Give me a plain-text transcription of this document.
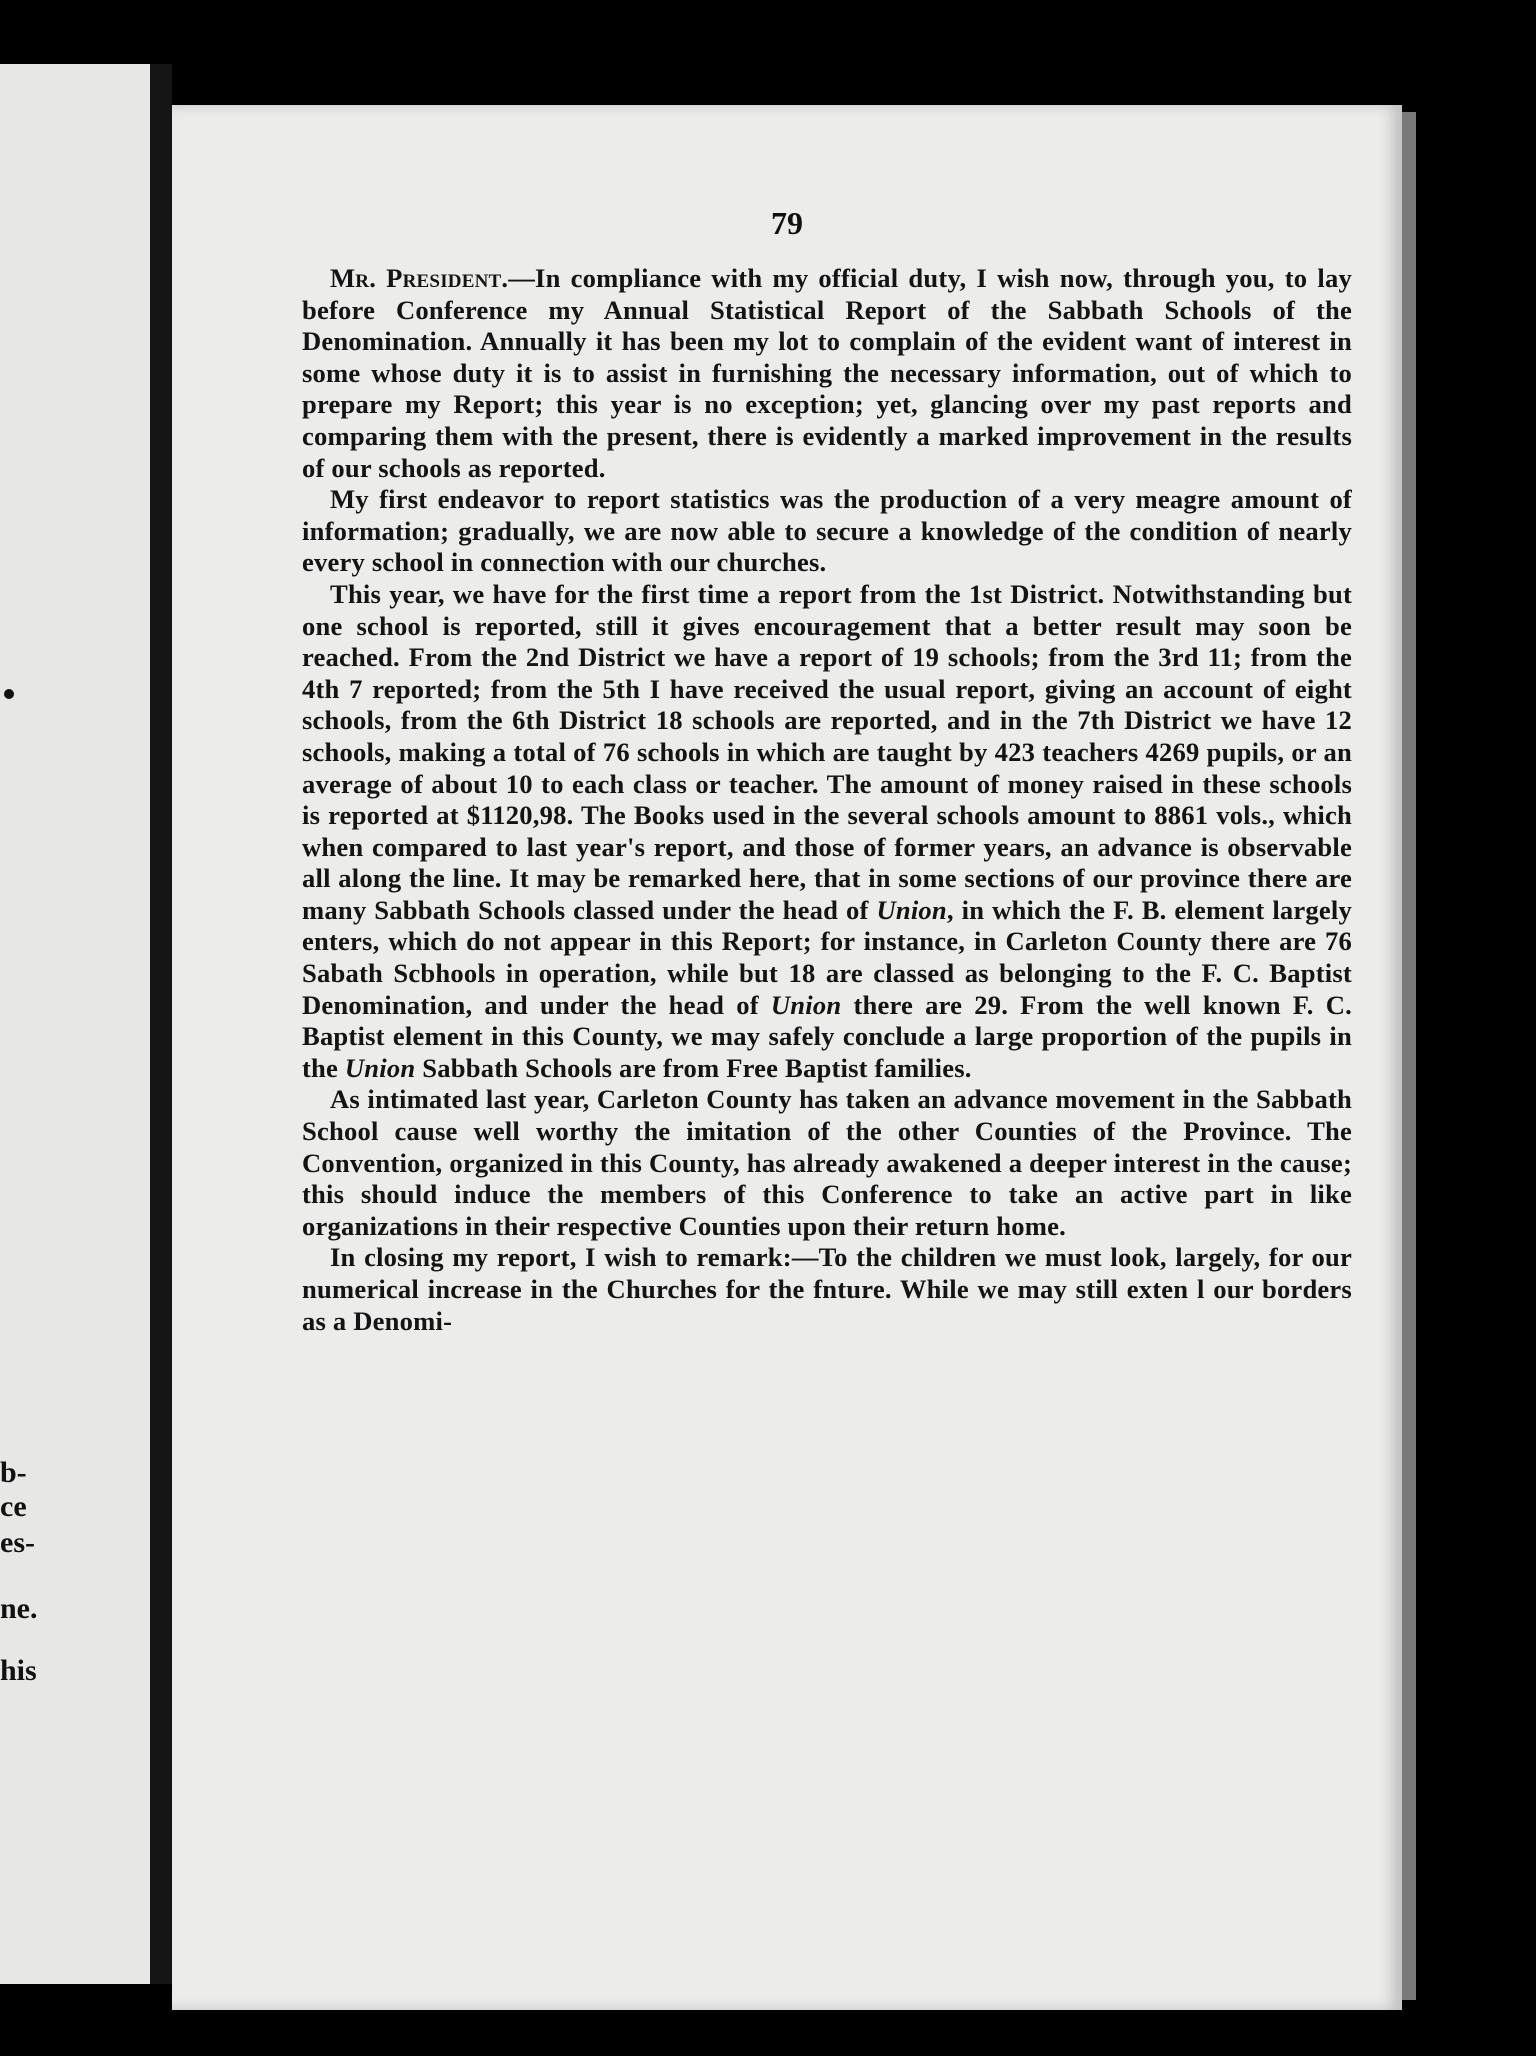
b-
ce
es-
ne.
his
79

Mr. President.—In compliance with my official duty, I wish now, through you, to lay before Conference my Annual Statistical Report of the Sabbath Schools of the Denomination. Annually it has been my lot to complain of the evident want of interest in some whose duty it is to assist in furnishing the necessary information, out of which to prepare my Report; this year is no exception; yet, glancing over my past reports and comparing them with the present, there is evidently a marked improvement in the results of our schools as reported.

My first endeavor to report statistics was the production of a very meagre amount of information; gradually, we are now able to secure a knowledge of the condition of nearly every school in connection with our churches.

This year, we have for the first time a report from the 1st District. Notwithstanding but one school is reported, still it gives encouragement that a better result may soon be reached. From the 2nd District we have a report of 19 schools; from the 3rd 11; from the 4th 7 reported; from the 5th I have received the usual report, giving an account of eight schools, from the 6th District 18 schools are reported, and in the 7th District we have 12 schools, making a total of 76 schools in which are taught by 423 teachers 4269 pupils, or an average of about 10 to each class or teacher. The amount of money raised in these schools is reported at $1120,98. The Books used in the several schools amount to 8861 vols., which when compared to last year's report, and those of former years, an advance is observable all along the line. It may be remarked here, that in some sections of our province there are many Sabbath Schools classed under the head of Union, in which the F. B. element largely enters, which do not appear in this Report; for instance, in Carleton County there are 76 Sabath Scbhools in operation, while but 18 are classed as belonging to the F. C. Baptist Denomination, and under the head of Union there are 29. From the well known F. C. Baptist element in this County, we may safely conclude a large proportion of the pupils in the Union Sabbath Schools are from Free Baptist families.

As intimated last year, Carleton County has taken an advance movement in the Sabbath School cause well worthy the imitation of the other Counties of the Province. The Convention, organized in this County, has already awakened a deeper interest in the cause; this should induce the members of this Conference to take an active part in like organizations in their respective Counties upon their return home.

In closing my report, I wish to remark:—To the children we must look, largely, for our numerical increase in the Churches for the fnture. While we may still exten l our borders as a Denomi-
